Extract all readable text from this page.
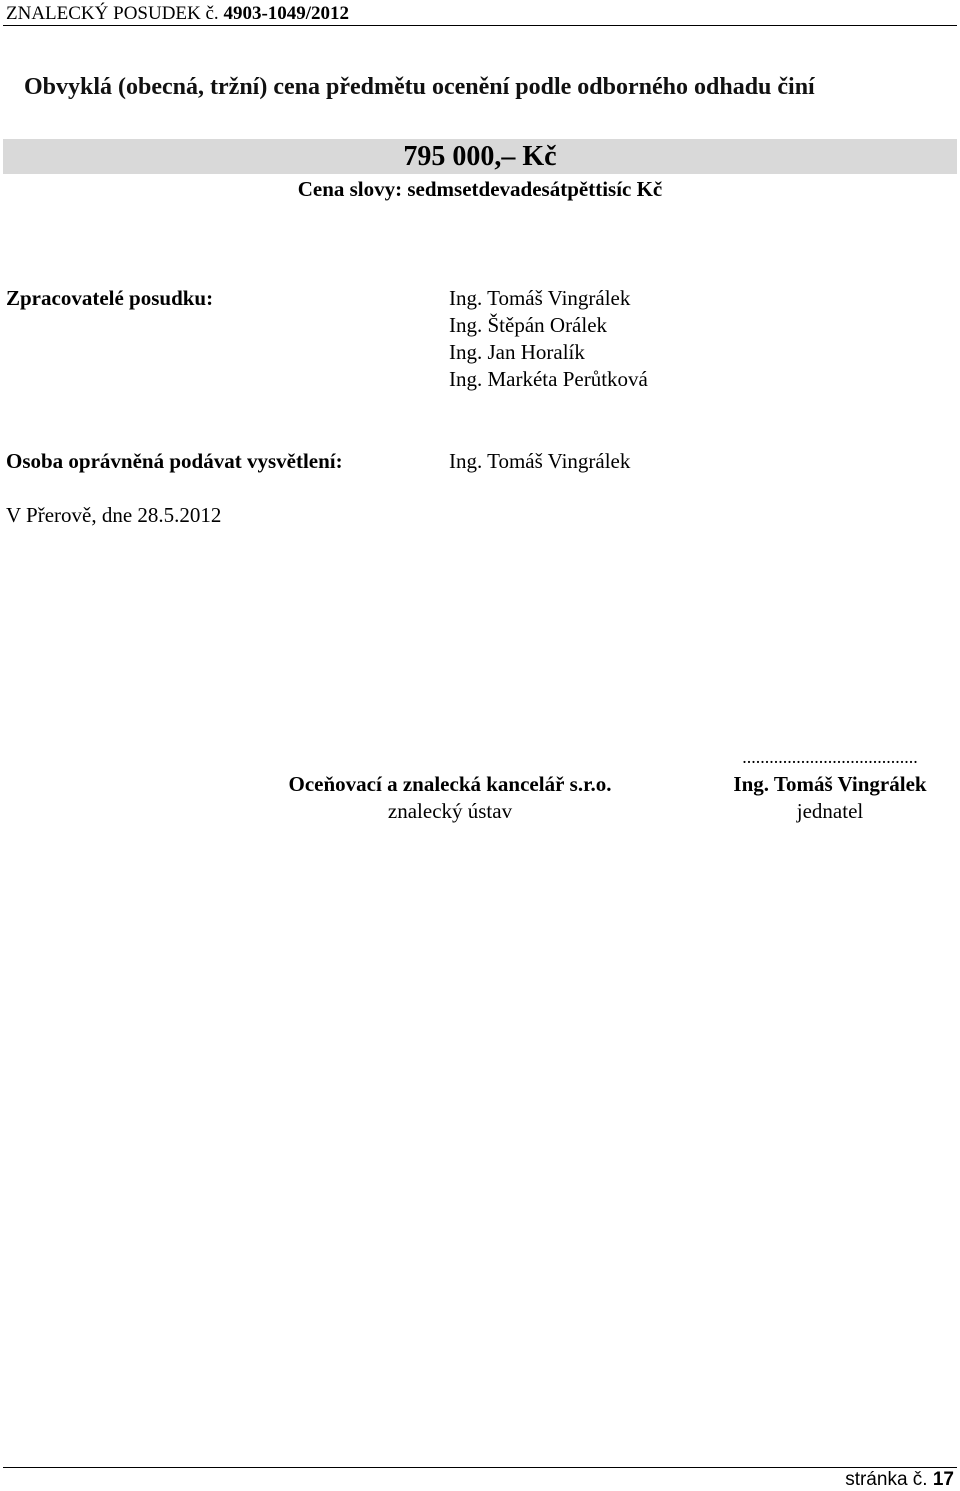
ZNALECKÝ POSUDEK č. 4903-1049/2012
Obvyklá (obecná, tržní) cena předmětu ocenění podle odborného odhadu činí
795 000,– Kč
Cena slovy: sedmsetdevadesátpěttisíc Kč
Zpracovatelé posudku:	Ing. Tomáš Vingrálek
Ing. Štěpán Orálek
Ing. Jan Horalík
Ing. Markéta Perůtková
Osoba oprávněná podávat vysvětlení:	Ing. Tomáš Vingrálek
V Přerově, dne 28.5.2012
Oceňovací a znalecká kancelář s.r.o.
znalecký ústav
.......................................
Ing. Tomáš Vingrálek
jednatel
stránka č. 17
